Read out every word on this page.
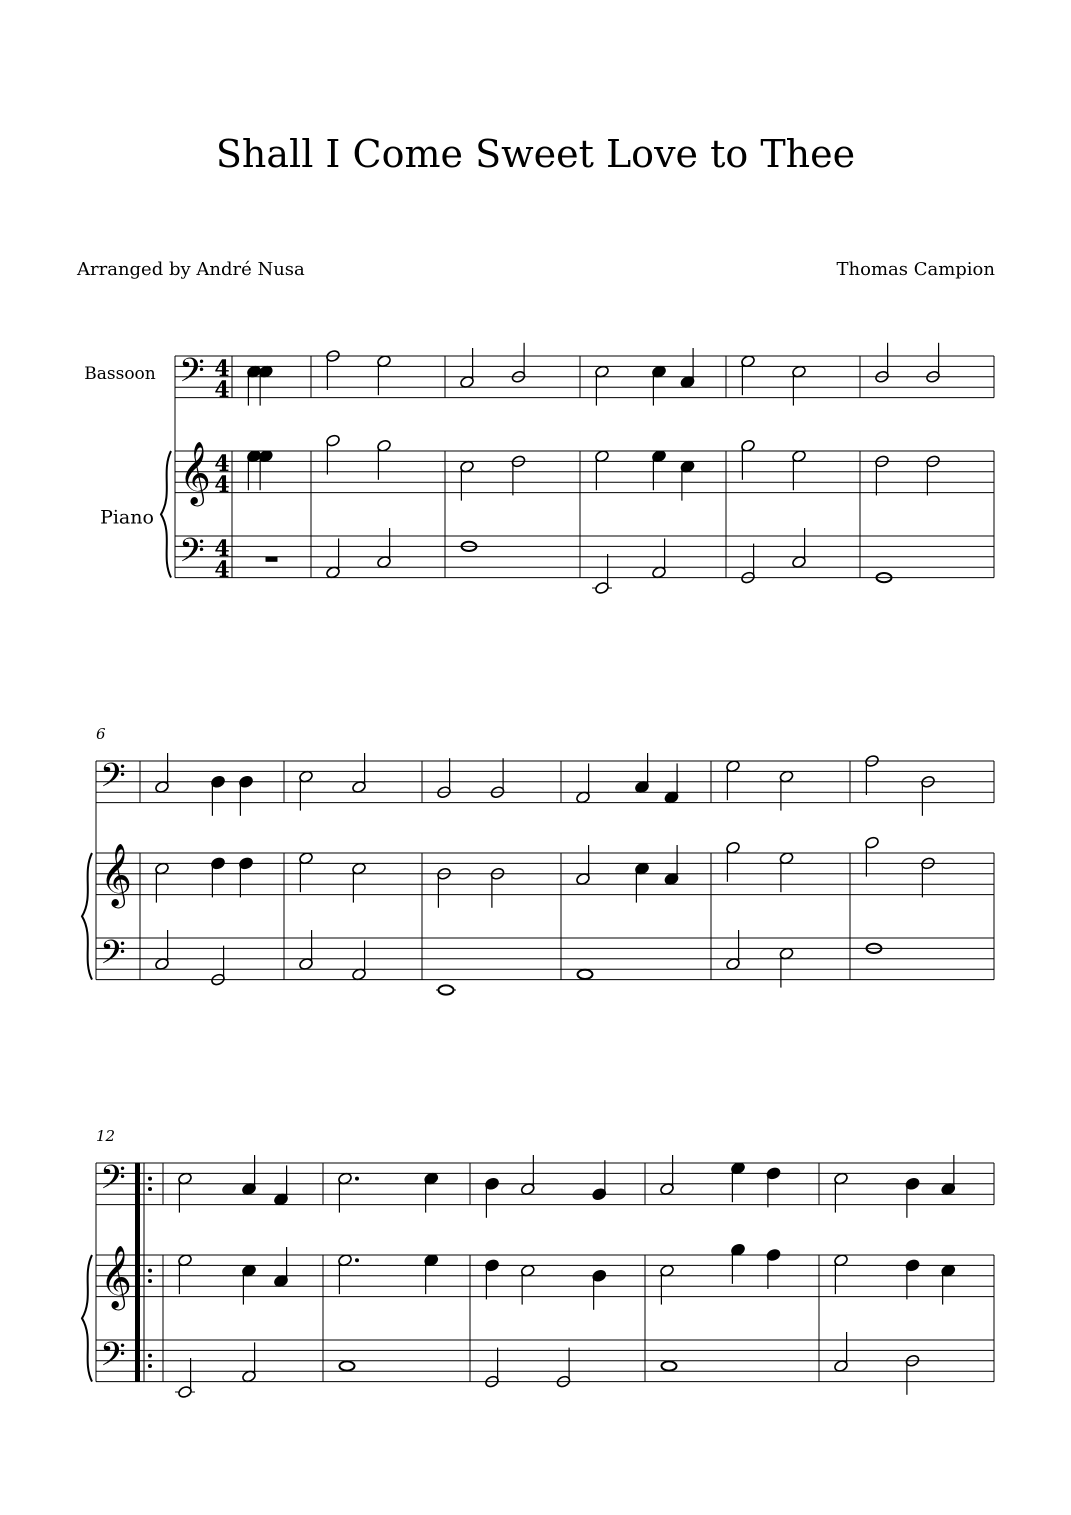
Shall I Come Sweet Love to Thee
Arranged by André Nusa	Thomas Campion
𝄢
𝄞
𝄢
4
4
4
4
4
4
Bassoon
Piano
𝄢
𝄞
𝄢
6
𝄢
𝄞
𝄢
12
